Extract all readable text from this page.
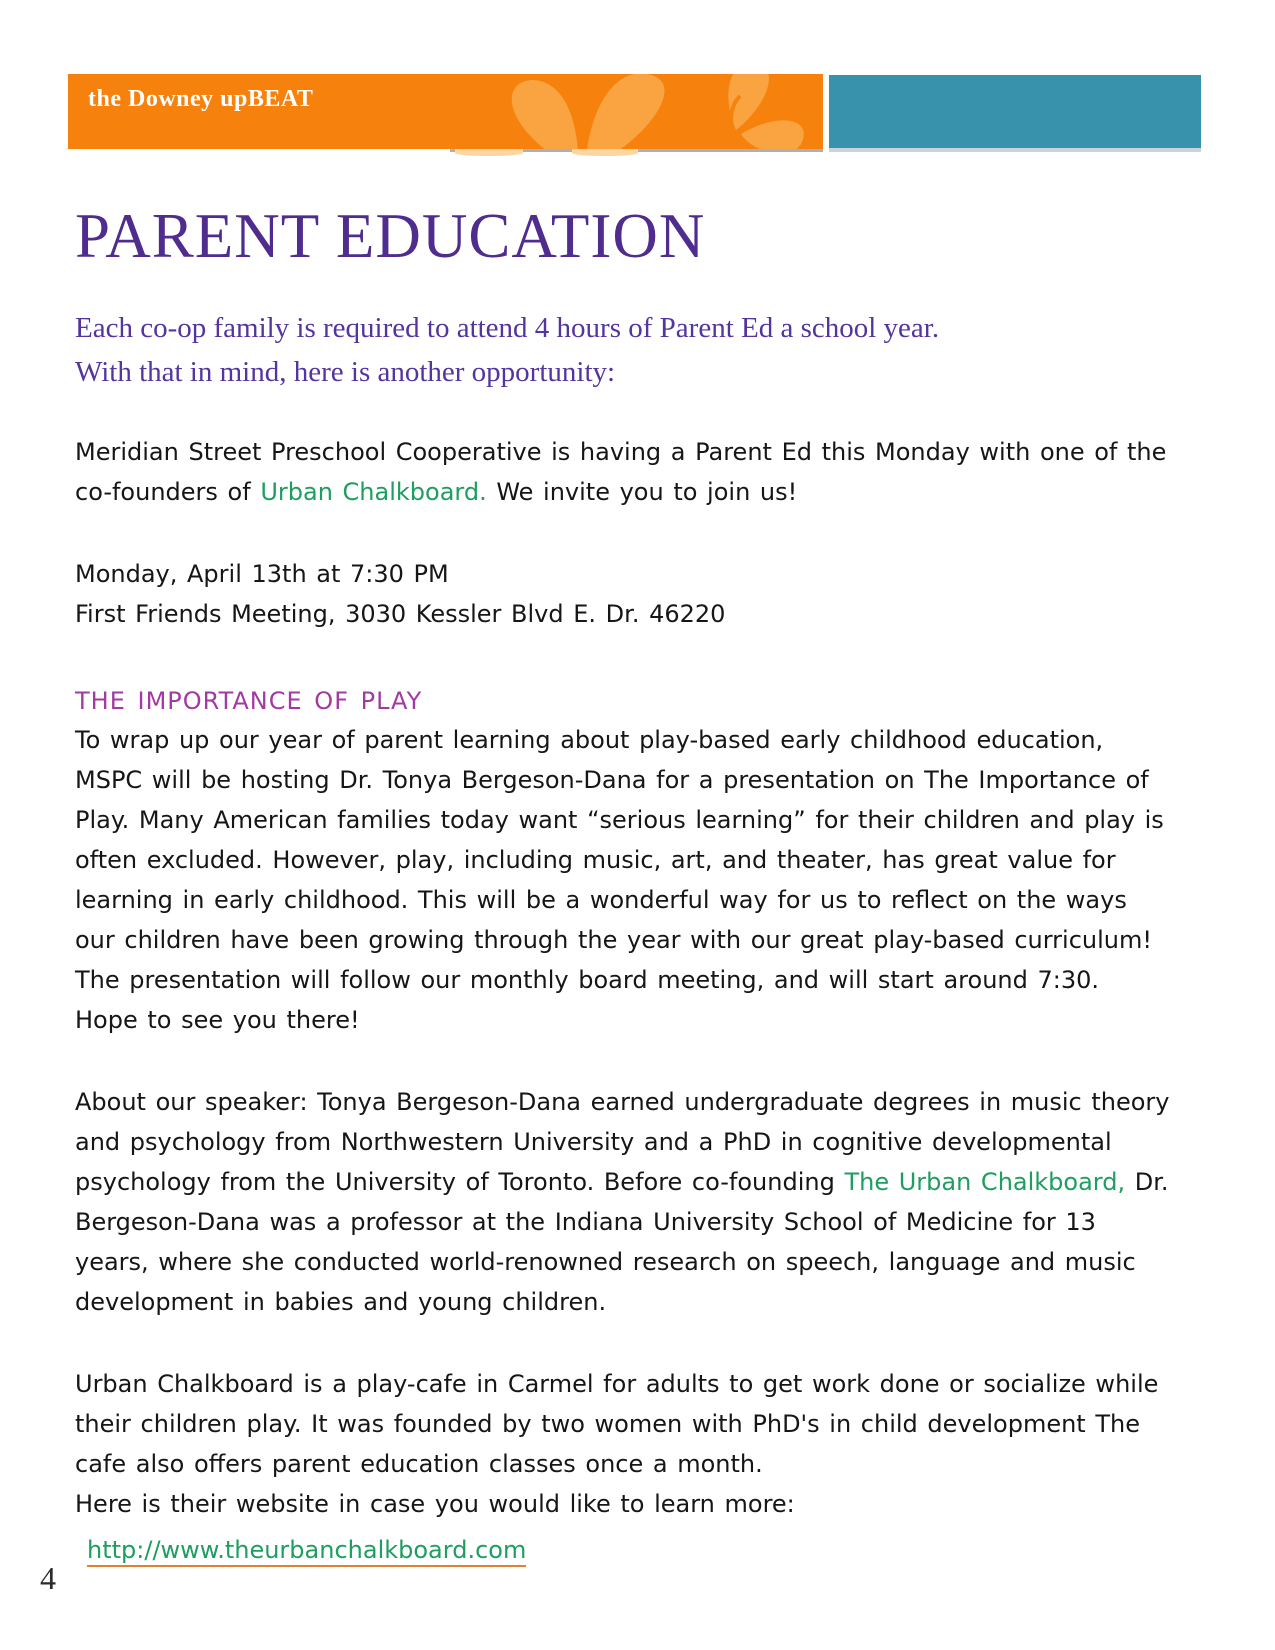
the Downey upBEAT
PARENT EDUCATION
Each co-op family is required to attend 4 hours of Parent Ed a school year.
With that in mind, here is another opportunity:

Meridian Street Preschool Cooperative is having a Parent Ed this Monday with one of the co-founders of Urban Chalkboard. We invite you to join us!

Monday, April 13th at 7:30 PM
First Friends Meeting, 3030 Kessler Blvd E. Dr. 46220
THE IMPORTANCE OF PLAY

To wrap up our year of parent learning about play-based early childhood education, MSPC will be hosting Dr. Tonya Bergeson-Dana for a presentation on The Importance of Play. Many American families today want “serious learning” for their children and play is often excluded. However, play, including music, art, and theater, has great value for learning in early childhood. This will be a wonderful way for us to reflect on the ways our children have been growing through the year with our great play-based curriculum! The presentation will follow our monthly board meeting, and will start around 7:30. Hope to see you there!

About our speaker: Tonya Bergeson-Dana earned undergraduate degrees in music theory and psychology from Northwestern University and a PhD in cognitive developmental psychology from the University of Toronto. Before co-founding The Urban Chalkboard, Dr. Bergeson-Dana was a professor at the Indiana University School of Medicine for 13 years, where she conducted world-renowned research on speech, language and music development in babies and young children.

Urban Chalkboard is a play-cafe in Carmel for adults to get work done or socialize while their children play. It was founded by two women with PhD's in child development The cafe also offers parent education classes once a month.
Here is their website in case you would like to learn more:
http://www.theurbanchalkboard.com
4
